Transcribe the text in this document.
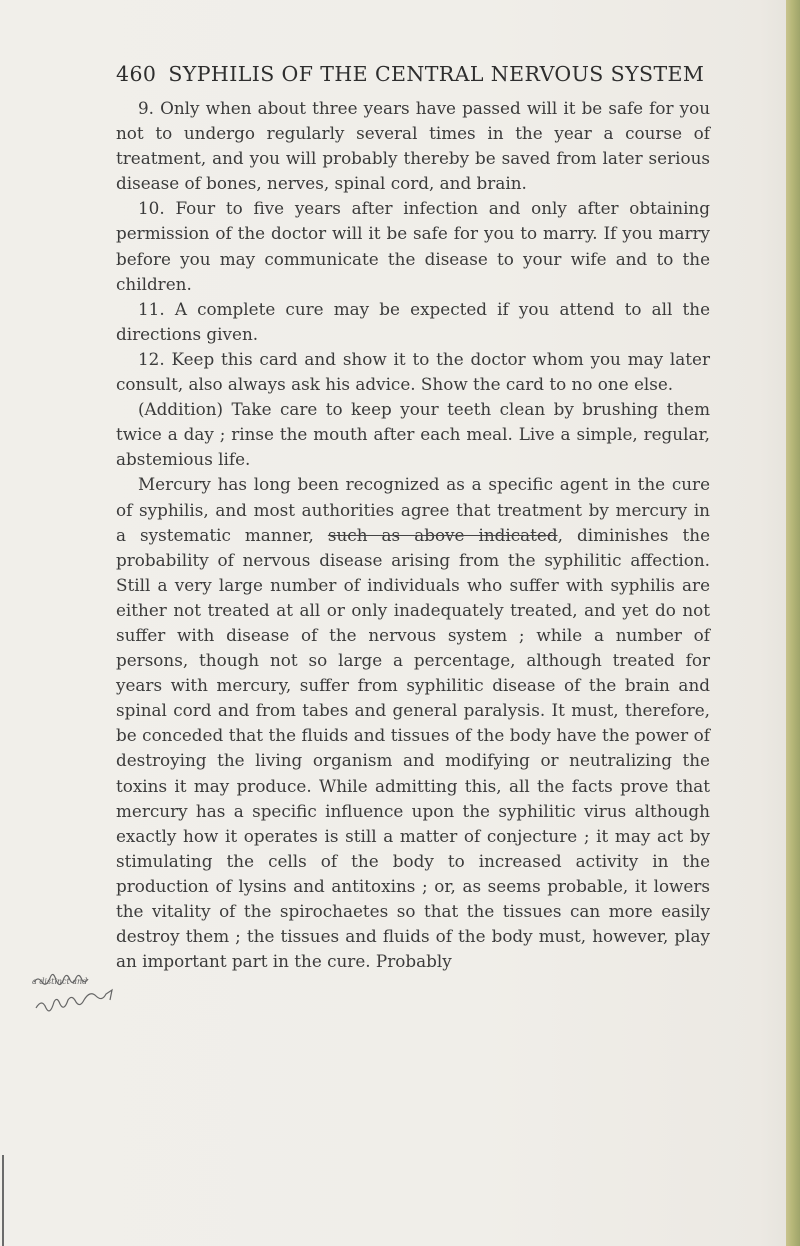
460 SYPHILIS OF THE CENTRAL NERVOUS SYSTEM

9. Only when about three years have passed will it be safe for you not to undergo regularly several times in the year a course of treatment, and you will probably thereby be saved from later serious disease of bones, nerves, spinal cord, and brain.

10. Four to five years after infection and only after obtaining permission of the doctor will it be safe for you to marry. If you marry before you may communicate the disease to your wife and to the children.

11. A complete cure may be expected if you attend to all the directions given.

12. Keep this card and show it to the doctor whom you may later consult, also always ask his advice. Show the card to no one else.

(Addition) Take care to keep your teeth clean by brushing them twice a day ; rinse the mouth after each meal. Live a simple, regular, abstemious life.

Mercury has long been recognized as a specific agent in the cure of syphilis, and most authorities agree that treatment by mercury in a systematic manner, such as above indicated, diminishes the probability of nervous disease arising from the syphilitic affection. Still a very large number of individuals who suffer with syphilis are either not treated at all or only inadequately treated, and yet do not suffer with disease of the nervous system ; while a number of persons, though not so large a percentage, although treated for years with mercury, suffer from syphilitic disease of the brain and spinal cord and from tabes and general paralysis. It must, therefore, be conceded that the fluids and tissues of the body have the power of destroying the living organism and modifying or neutralizing the toxins it may produce. While admitting this, all the facts prove that mercury has a specific influence upon the syphilitic virus although exactly how it operates is still a matter of conjecture ; it may act by stimulating the cells of the body to increased activity in the production of lysins and antitoxins ; or, as seems probable, it lowers the vitality of the spirochaetes so that the tissues can more easily destroy them ; the tissues and fluids of the body must, however, play an important part in the cure. Probably

a distinct and
